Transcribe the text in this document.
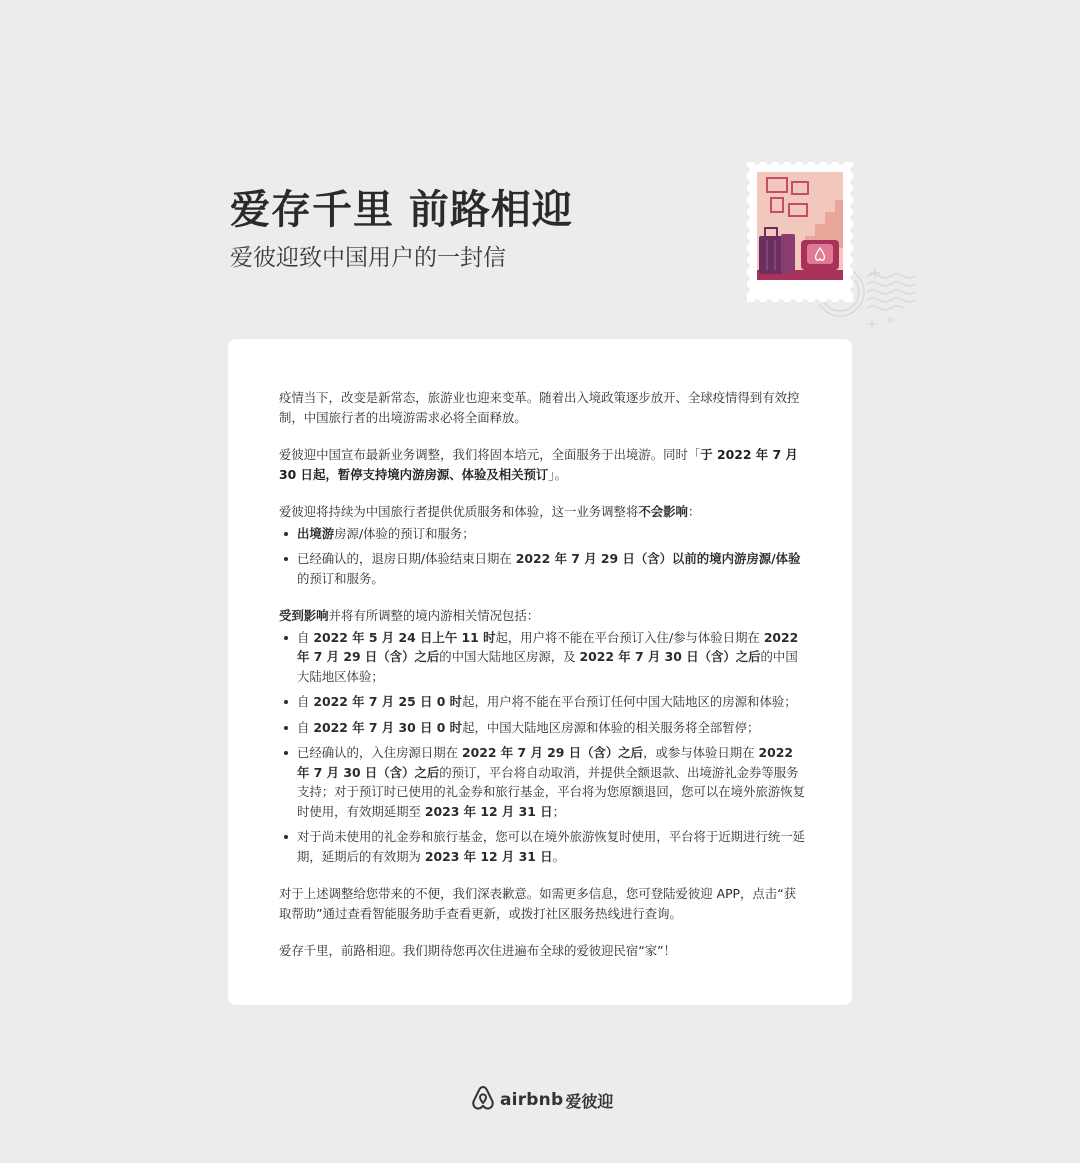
爱存千里 前路相迎
爱彼迎致中国用户的一封信

疫情当下，改变是新常态，旅游业也迎来变革。随着出入境政策逐步放开、全球疫情得到有效控制，中国旅行者的出境游需求必将全面释放。

爱彼迎中国宣布最新业务调整，我们将固本培元，全面服务于出境游。同时「于 2022 年 7 月 30 日起，暂停支持境内游房源、体验及相关预订」。

爱彼迎将持续为中国旅行者提供优质服务和体验，这一业务调整将不会影响：

出境游房源/体验的预订和服务；
已经确认的，退房日期/体验结束日期在 2022 年 7 月 29 日（含）以前的境内游房源/体验的预订和服务。

受到影响并将有所调整的境内游相关情况包括：

自 2022 年 5 月 24 日上午 11 时起，用户将不能在平台预订入住/参与体验日期在 2022 年 7 月 29 日（含）之后的中国大陆地区房源，及 2022 年 7 月 30 日（含）之后的中国大陆地区体验；
自 2022 年 7 月 25 日 0 时起，用户将不能在平台预订任何中国大陆地区的房源和体验；
自 2022 年 7 月 30 日 0 时起，中国大陆地区房源和体验的相关服务将全部暂停；
已经确认的，入住房源日期在 2022 年 7 月 29 日（含）之后，或参与体验日期在 2022 年 7 月 30 日（含）之后的预订，平台将自动取消，并提供全额退款、出境游礼金券等服务支持；对于预订时已使用的礼金券和旅行基金，平台将为您原额退回，您可以在境外旅游恢复时使用，有效期延期至 2023 年 12 月 31 日；
对于尚未使用的礼金券和旅行基金，您可以在境外旅游恢复时使用，平台将于近期进行统一延期，延期后的有效期为 2023 年 12 月 31 日。

对于上述调整给您带来的不便，我们深表歉意。如需更多信息，您可登陆爱彼迎 APP，点击“获取帮助”通过查看智能服务助手查看更新，或拨打社区服务热线进行查询。

爱存千里，前路相迎。我们期待您再次住进遍布全球的爱彼迎民宿“家”！

airbnb 爱彼迎
